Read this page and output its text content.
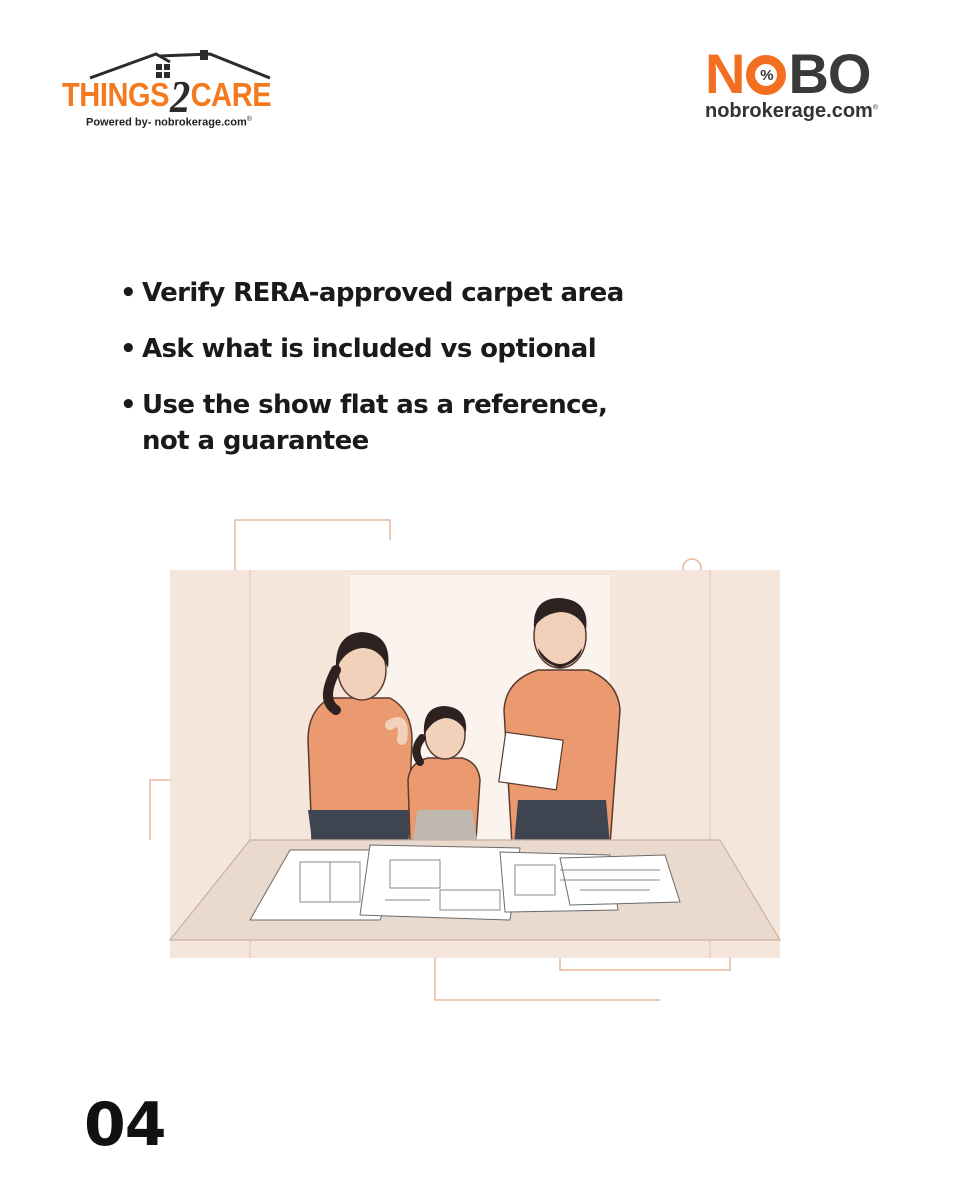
THINGS2CARE
Powered by- nobrokerage.com®
N	% BO
nobrokerage.com®
• Verify RERA-approved carpet area
• Ask what is included vs optional
• Use the show flat as a reference,
not a guarantee
04
